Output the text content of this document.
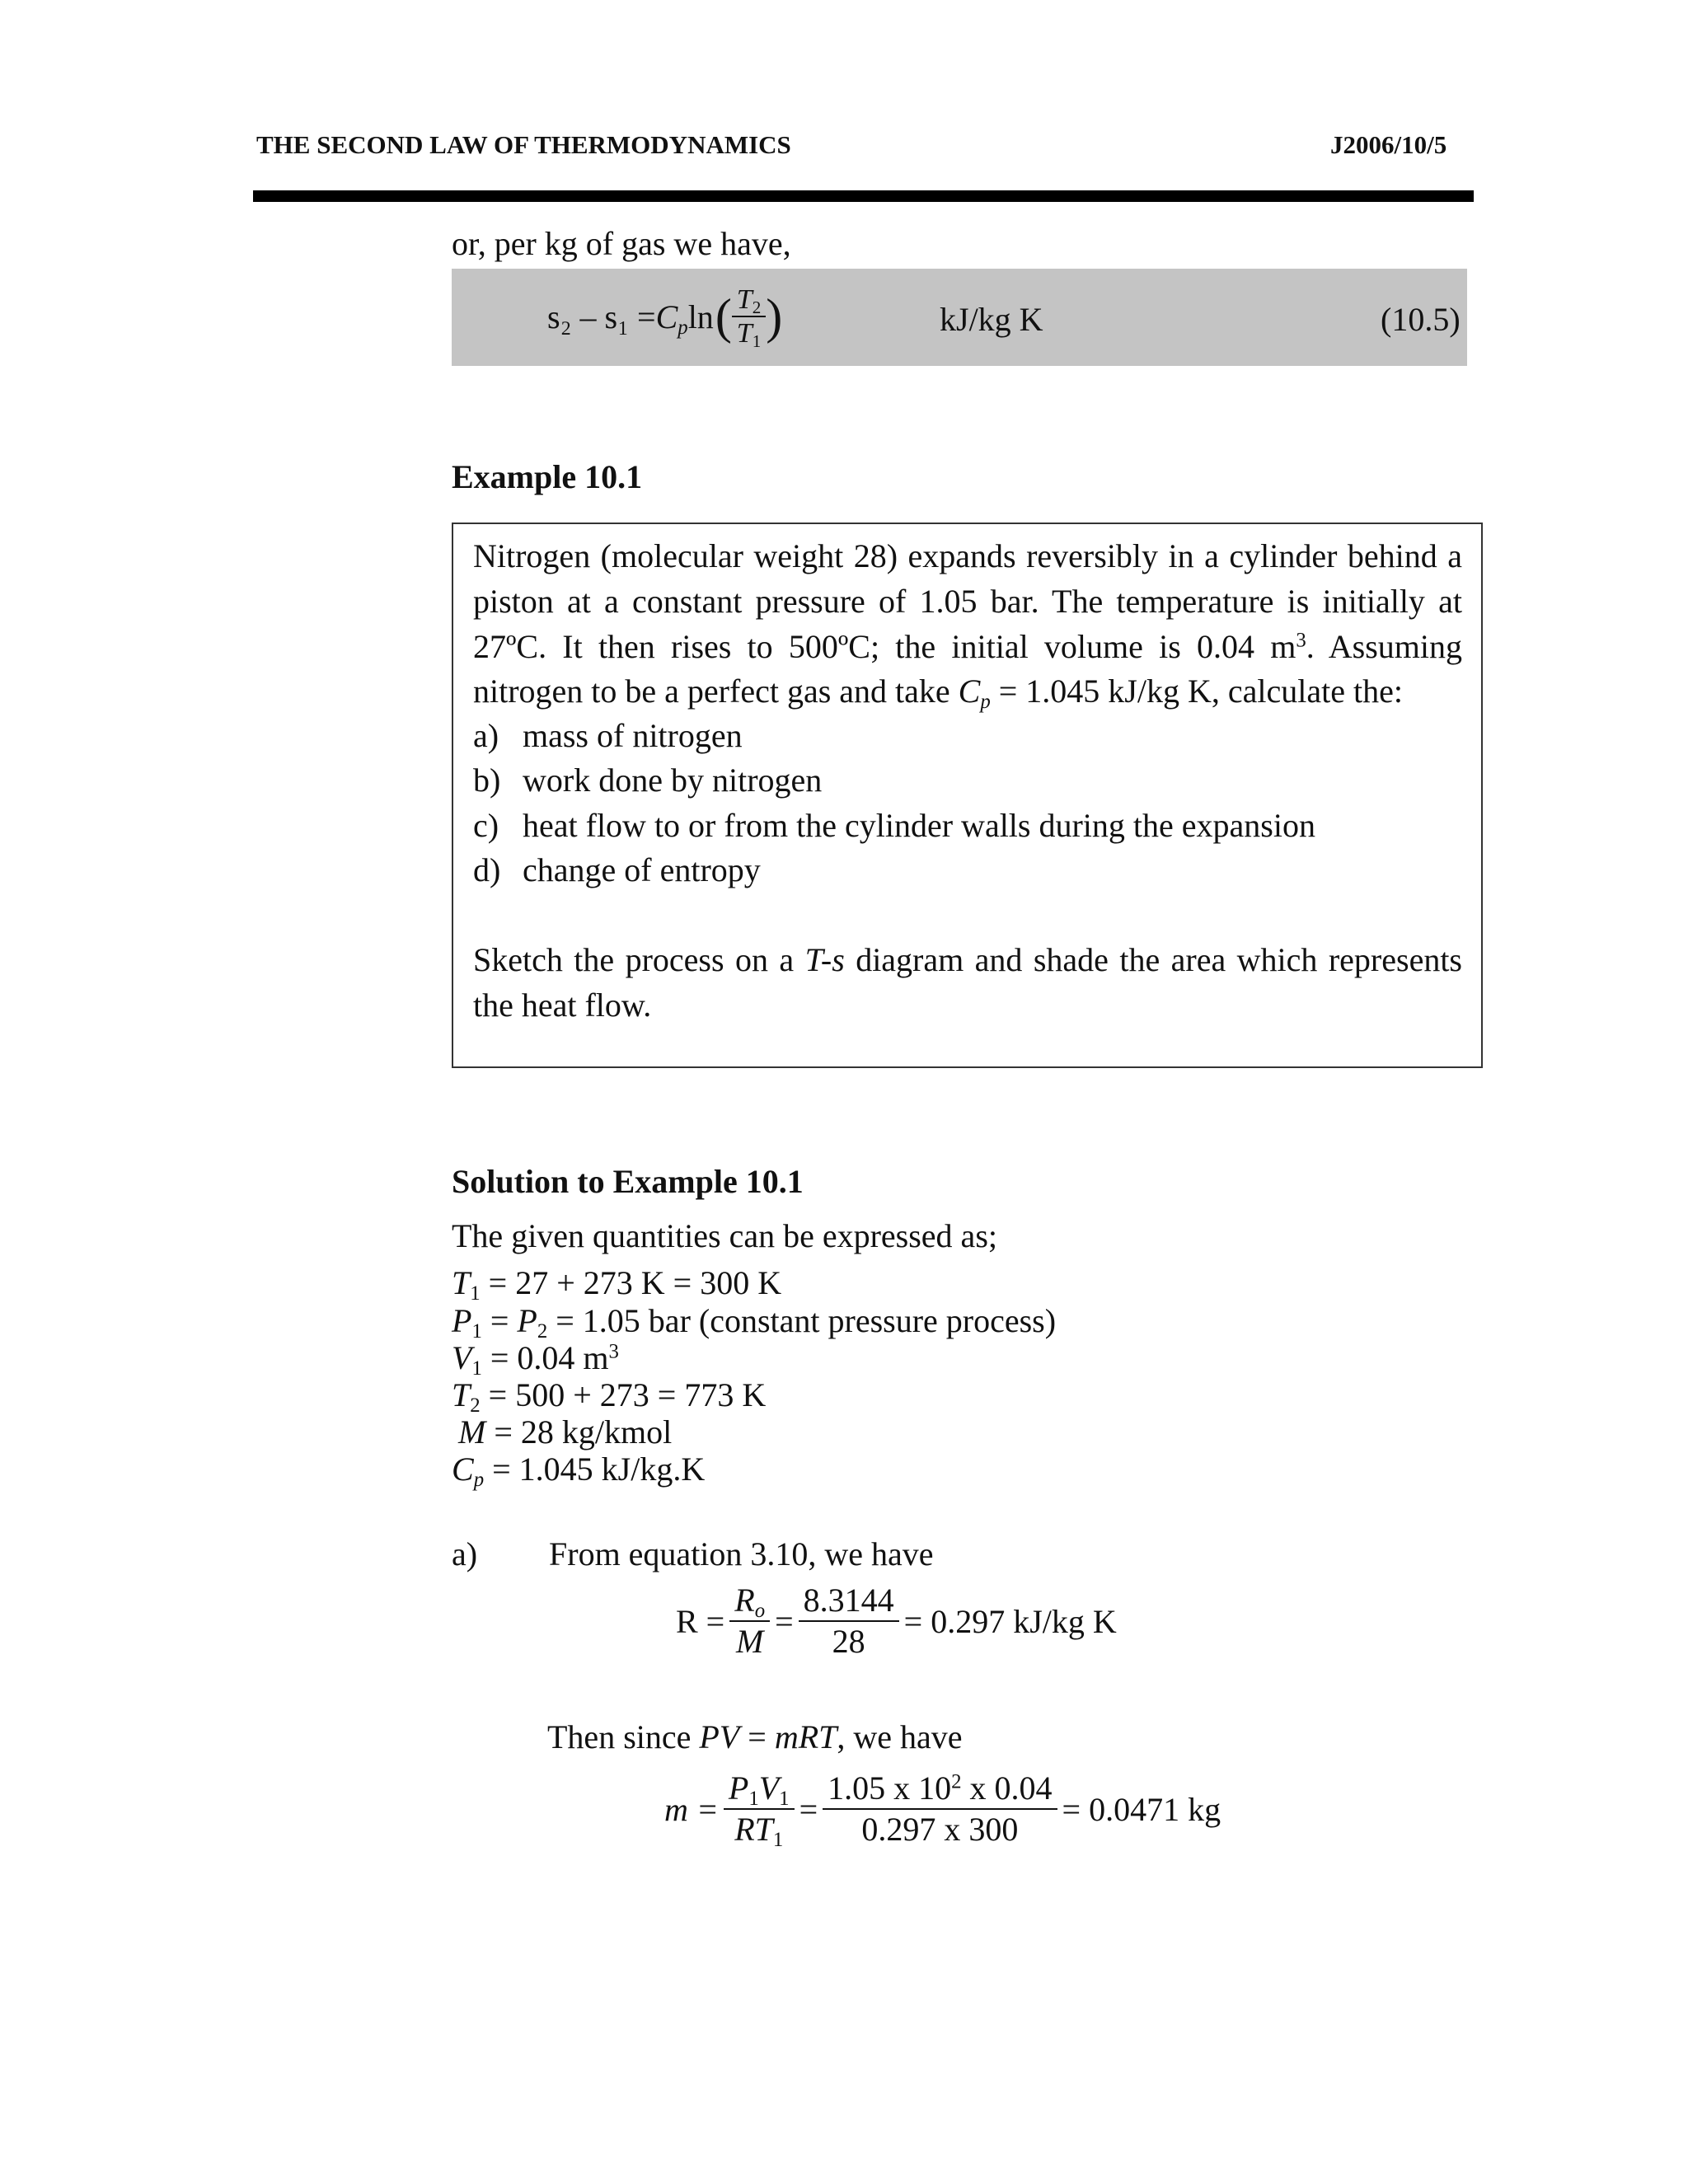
THE SECOND LAW OF THERMODYNAMICS	J2006/10/5
or, per kg of gas we have,
$s_2 - s_1 = C_p$ ln ( $\frac{T_2}{T_1}$ )	kJ/kg K	(10.5)
Example 10.1
Nitrogen (molecular weight 28) expands reversibly in a cylinder behind a
piston at a constant pressure of 1.05 bar. The temperature is initially at
27ºC. It then rises to 500ºC; the initial volume is 0.04 $m^3$. Assuming
nitrogen to be a perfect gas and take $C_p = 1.045$ kJ/kg K, calculate the:
a) mass of nitrogen
b) work done by nitrogen
c) heat flow to or from the cylinder walls during the expansion
d) change of entropy
Sketch the process on a T-s diagram and shade the area which represents
the heat flow.
Solution to Example 10.1
The given quantities can be expressed as;
$T_1 = 27 + 273$ K = 300 K
$P_1 = P_2 = 1.05$ bar (constant pressure process)
$V_1 = 0.04$ $m^3$
$T_2 = 500 + 273 = 773$ K
M = 28 kg/kmol
$C_p = 1.045$ kJ/kg.K
a) From equation 3.10, we have
$R = \frac{R_o}{M} = \frac{8.3144}{28} = 0.297$ kJ/kg K
Then since PV = mRT, we have
$m = \frac{P_1V_1}{RT_1} = \frac{1.05 x 10^2 x 0.04}{0.297 x 300} = 0.0471$ kg
